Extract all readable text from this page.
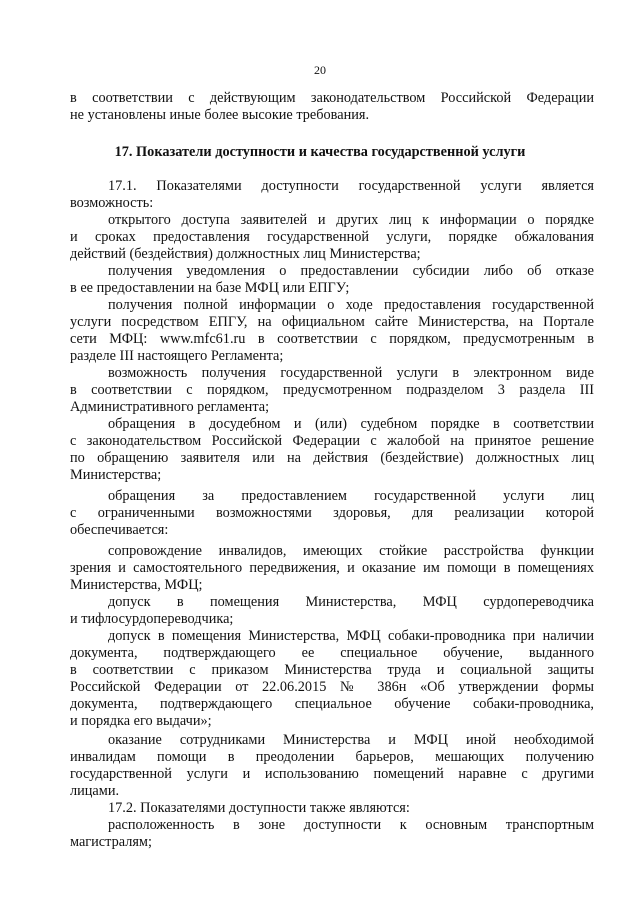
20
в соответствии с действующим законодательством Российской Федерации
не установлены иные более высокие требования.
17. Показатели доступности и качества государственной услуги
17.1. Показателями доступности государственной услуги является
возможность:
открытого доступа заявителей и других лиц к информации о порядке
и сроках предоставления государственной услуги, порядке обжалования
действий (бездействия) должностных лиц Министерства;
получения уведомления о предоставлении субсидии либо об отказе
в ее предоставлении на базе МФЦ или ЕПГУ;
получения полной информации о ходе предоставления государственной
услуги посредством ЕПГУ, на официальном сайте Министерства, на Портале
сети МФЦ: www.mfc61.ru в соответствии с порядком, предусмотренным в
разделе III настоящего Регламента;
возможность получения государственной услуги в электронном виде
в соответствии с порядком, предусмотренном подразделом 3 раздела III
Административного регламента;
обращения в досудебном и (или) судебном порядке в соответствии
с законодательством Российской Федерации с жалобой на принятое решение
по обращению заявителя или на действия (бездействие) должностных лиц
Министерства;
обращения за предоставлением государственной услуги лиц
с ограниченными возможностями здоровья, для реализации которой
обеспечивается:
сопровождение инвалидов, имеющих стойкие расстройства функции
зрения и самостоятельного передвижения, и оказание им помощи в помещениях
Министерства, МФЦ;
допуск в помещения Министерства, МФЦ сурдопереводчика
и тифлосурдопереводчика;
допуск в помещения Министерства, МФЦ собаки-проводника при наличии
документа, подтверждающего ее специальное обучение, выданного
в соответствии с приказом Министерства труда и социальной защиты
Российской Федерации от 22.06.2015 № 386н «Об утверждении формы
документа, подтверждающего специальное обучение собаки-проводника,
и порядка его выдачи»;
оказание сотрудниками Министерства и МФЦ иной необходимой
инвалидам помощи в преодолении барьеров, мешающих получению
государственной услуги и использованию помещений наравне с другими
лицами.
17.2. Показателями доступности также являются:
расположенность в зоне доступности к основным транспортным
магистралям;
